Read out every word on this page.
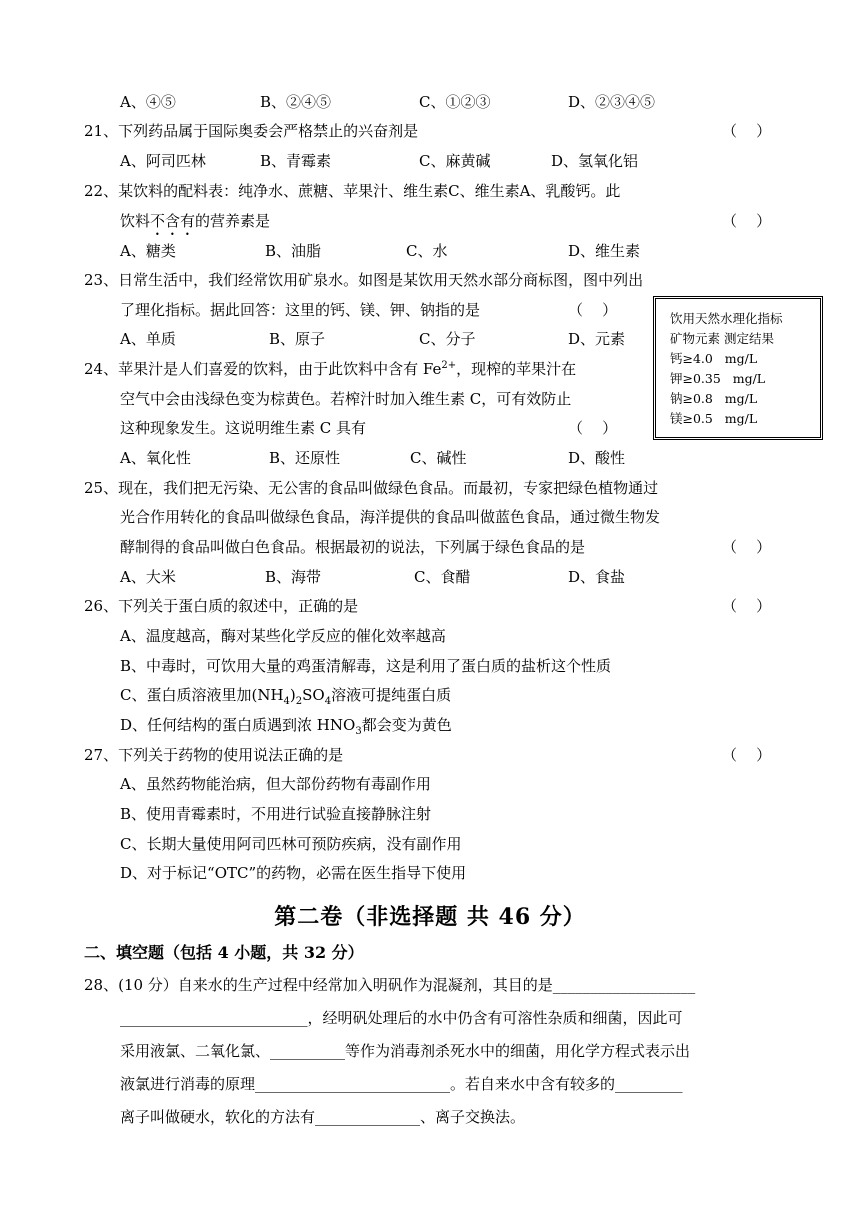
A、④⑤	B、②④⑤	C、①②③	D、②③④⑤
21、下列药品属于国际奥委会严格禁止的兴奋剂是	（    ）
A、阿司匹林	B、青霉素	C、麻黄碱	D、氢氧化铝
22、某饮料的配料表：纯净水、蔗糖、苹果汁、维生素C、维生素A、乳酸钙。此
饮料不含有的营养素是	（    ）
A、糖类	B、油脂	C、水	D、维生素
23、日常生活中，我们经常饮用矿泉水。如图是某饮用天然水部分商标图，图中列出
了理化指标。据此回答：这里的钙、镁、钾、钠指的是	（    ）
A、单质	B、原子	C、分子	D、元素
饮用天然水理化指标
矿物元素 测定结果
钙≥4.0   mg/L
钾≥0.35   mg/L
钠≥0.8   mg/L
镁≥0.5   mg/L
24、苹果汁是人们喜爱的饮料，由于此饮料中含有 $Fe^{2+}$，现榨的苹果汁在
空气中会由浅绿色变为棕黄色。若榨汁时加入维生素 C，可有效防止
这种现象发生。这说明维生素 C 具有	（    ）
A、氧化性	B、还原性	C、碱性	D、酸性
25、现在，我们把无污染、无公害的食品叫做绿色食品。而最初，专家把绿色植物通过
光合作用转化的食品叫做绿色食品，海洋提供的食品叫做蓝色食品，通过微生物发
酵制得的食品叫做白色食品。根据最初的说法，下列属于绿色食品的是	（    ）
A、大米	B、海带	C、食醋	D、食盐
26、下列关于蛋白质的叙述中，正确的是	（    ）
A、温度越高，酶对某些化学反应的催化效率越高
B、中毒时，可饮用大量的鸡蛋清解毒，这是利用了蛋白质的盐析这个性质
C、蛋白质溶液里加$(NH_4)_2SO_4$溶液可提纯蛋白质
D、任何结构的蛋白质遇到浓 $HNO_3$都会变为黄色
27、下列关于药物的使用说法正确的是	（    ）
A、虽然药物能治病，但大部份药物有毒副作用
B、使用青霉素时，不用进行试验直接静脉注射
C、长期大量使用阿司匹林可预防疾病，没有副作用
D、对于标记“OTC”的药物，必需在医生指导下使用
第二卷（非选择题 共 46 分）
二、填空题（包括 4 小题，共 32 分）
28、(10 分）自来水的生产过程中经常加入明矾作为混凝剂，其目的是___________________
_________________________，经明矾处理后的水中仍含有可溶性杂质和细菌，因此可
采用液氯、二氧化氯、__________等作为消毒剂杀死水中的细菌，用化学方程式表示出
液氯进行消毒的原理__________________________。若自来水中含有较多的_________
离子叫做硬水，软化的方法有______________、离子交换法。
